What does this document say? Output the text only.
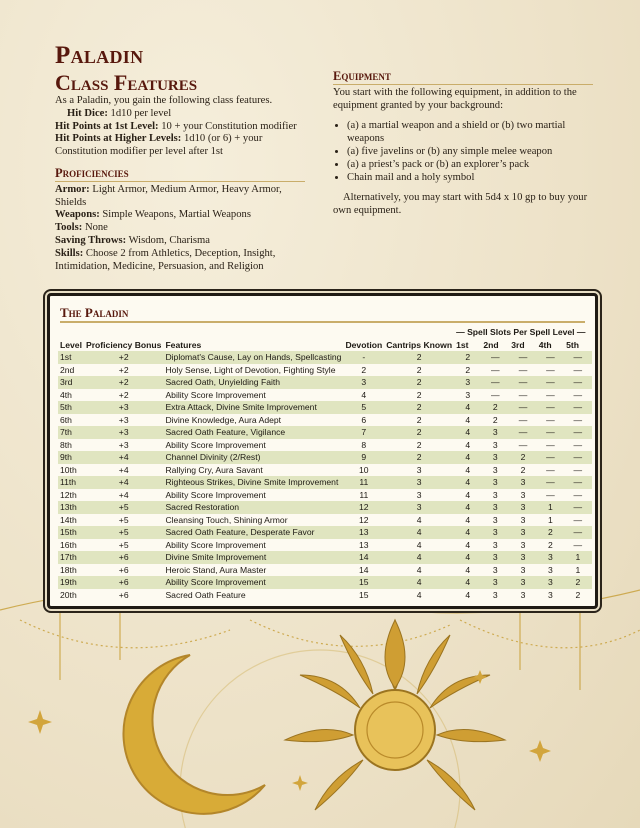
Paladin
Class Features

As a Paladin, you gain the following class features.

Hit Dice: 1d10 per level

Hit Points at 1st Level: 10 + your Constitution modifier

Hit Points at Higher Levels: 1d10 (or 6) + your Constitution modifier per level after 1st

Proficiencies

Armor: Light Armor, Medium Armor, Heavy Armor, Shields

Weapons: Simple Weapons, Martial Weapons

Tools: None

Saving Throws: Wisdom, Charisma

Skills: Choose 2 from Athletics, Deception, Insight, Intimidation, Medicine, Persuasion, and Religion

Equipment

You start with the following equipment, in addition to the equipment granted by your background:

• (a) a martial weapon and a shield or (b) two martial weapons
• (a) five javelins or (b) any simple melee weapon
• (a) a priest’s pack or (b) an explorer’s pack
• Chain mail and a holy symbol

Alternatively, you may start with 5d4 x 10 gp to buy your own equipment.

The Paladin
					— Spell Slots Per Spell Level —				
Level	Proficiency Bonus	Features	Devotion	Cantrips Known	1st	2nd	3rd	4th	5th
1st	+2	Diplomat's Cause, Lay on Hands, Spellcasting	-	2	2	—	—	—	—
2nd	+2	Holy Sense, Light of Devotion, Fighting Style	2	2	2	—	—	—	—
3rd	+2	Sacred Oath, Unyielding Faith	3	2	3	—	—	—	—
4th	+2	Ability Score Improvement	4	2	3	—	—	—	—
5th	+3	Extra Attack, Divine Smite Improvement	5	2	4	2	—	—	—
6th	+3	Divine Knowledge, Aura Adept	6	2	4	2	—	—	—
7th	+3	Sacred Oath Feature, Vigilance	7	2	4	3	—	—	—
8th	+3	Ability Score Improvement	8	2	4	3	—	—	—
9th	+4	Channel Divinity (2/Rest)	9	2	4	3	2	—	—
10th	+4	Rallying Cry, Aura Savant	10	3	4	3	2	—	—
11th	+4	Righteous Strikes, Divine Smite Improvement	11	3	4	3	3	—	—
12th	+4	Ability Score Improvement	11	3	4	3	3	—	—
13th	+5	Sacred Restoration	12	3	4	3	3	1	—
14th	+5	Cleansing Touch, Shining Armor	12	4	4	3	3	1	—
15th	+5	Sacred Oath Feature, Desperate Favor	13	4	4	3	3	2	—
16th	+5	Ability Score Improvement	13	4	4	3	3	2	—
17th	+6	Divine Smite Improvement	14	4	4	3	3	3	1
18th	+6	Heroic Stand, Aura Master	14	4	4	3	3	3	1
19th	+6	Ability Score Improvement	15	4	4	3	3	3	2
20th	+6	Sacred Oath Feature	15	4	4	3	3	3	2
